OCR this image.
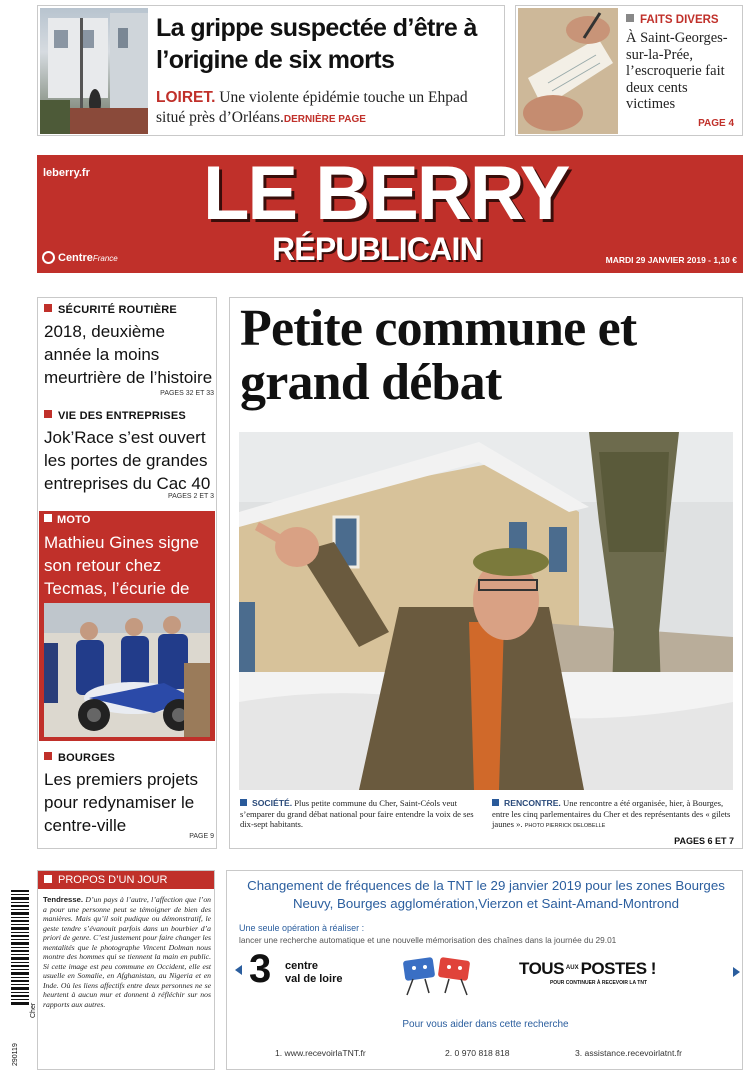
La grippe suspectée d’être à l’origine de six morts
LOIRET. Une violente épidémie touche un Ehpad situé près d’Orléans.DERNIÈRE PAGE
FAITS DIVERS
À Saint-Georges-sur-la-Prée, l’escroquerie fait deux cents victimes
PAGE 4
leberry.fr LE BERRY
RÉPUBLICAIN
CentreFrance	MARDI 29 JANVIER 2019 - 1,10 €
SÉCURITÉ ROUTIÈRE
2018, deuxième année la moins meurtrière de l’histoire
PAGES 32 ET 33
VIE DES ENTREPRISES
Jok’Race s’est ouvert les portes de grandes entreprises du Cac 40
PAGES 2 ET 3
MOTO
Mathieu Gines signe son retour chez Tecmas, l’écurie de
BOURGES
Les premiers projets pour redynamiser le centre-ville
PAGE 9
Petite commune et grand débat
SOCIÉTÉ. Plus petite commune du Cher, Saint-Céols veut s’emparer du grand débat national pour faire entendre la voix de ses dix-sept habitants.
RENCONTRE. Une rencontre a été organisée, hier, à Bourges, entre les cinq parlementaires du Cher et des représentants des « gilets jaunes ». PHOTO PIERRICK DELOBELLE
PAGES 6 ET 7
PROPOS D’UN JOUR
Tendresse. D’un pays à l’autre, l’affection que l’on a pour une personne peut se témoigner de bien des manières. Mais qu’il soit pudique ou démonstratif, le geste tendre s’évanouit parfois dans un bourbier d’a priori de genre. C’est justement pour faire changer les mentalités que le photographe Vincent Dolman nous montre des hommes qui se tiennent la main en public. Si cette image est peu commune en Occident, elle est usuelle en Somalie, en Afghanistan, au Nigeria et en Inde. Où les liens affectifs entre deux personnes ne se heurtent à aucun mur et donnent à réfléchir sur nos rapports aux autres.
Cher
290119
Changement de fréquences de la TNT le 29 janvier 2019 pour les zones Bourges Neuvy, Bourges agglomération,Vierzon et Saint-Amand-Montrond
Une seule opération à réaliser :
lancer une recherche automatique et une nouvelle mémorisation des chaînes dans la journée du 29.01
3 centre
val de loire
TOUS $^{AUX}$ POSTES !
POUR CONTINUER À RECEVOIR LA TNT
Pour vous aider dans cette recherche
1. www.recevoirlaTNT.fr	2. 0 970 818 818	3. assistance.recevoirlatnt.fr
